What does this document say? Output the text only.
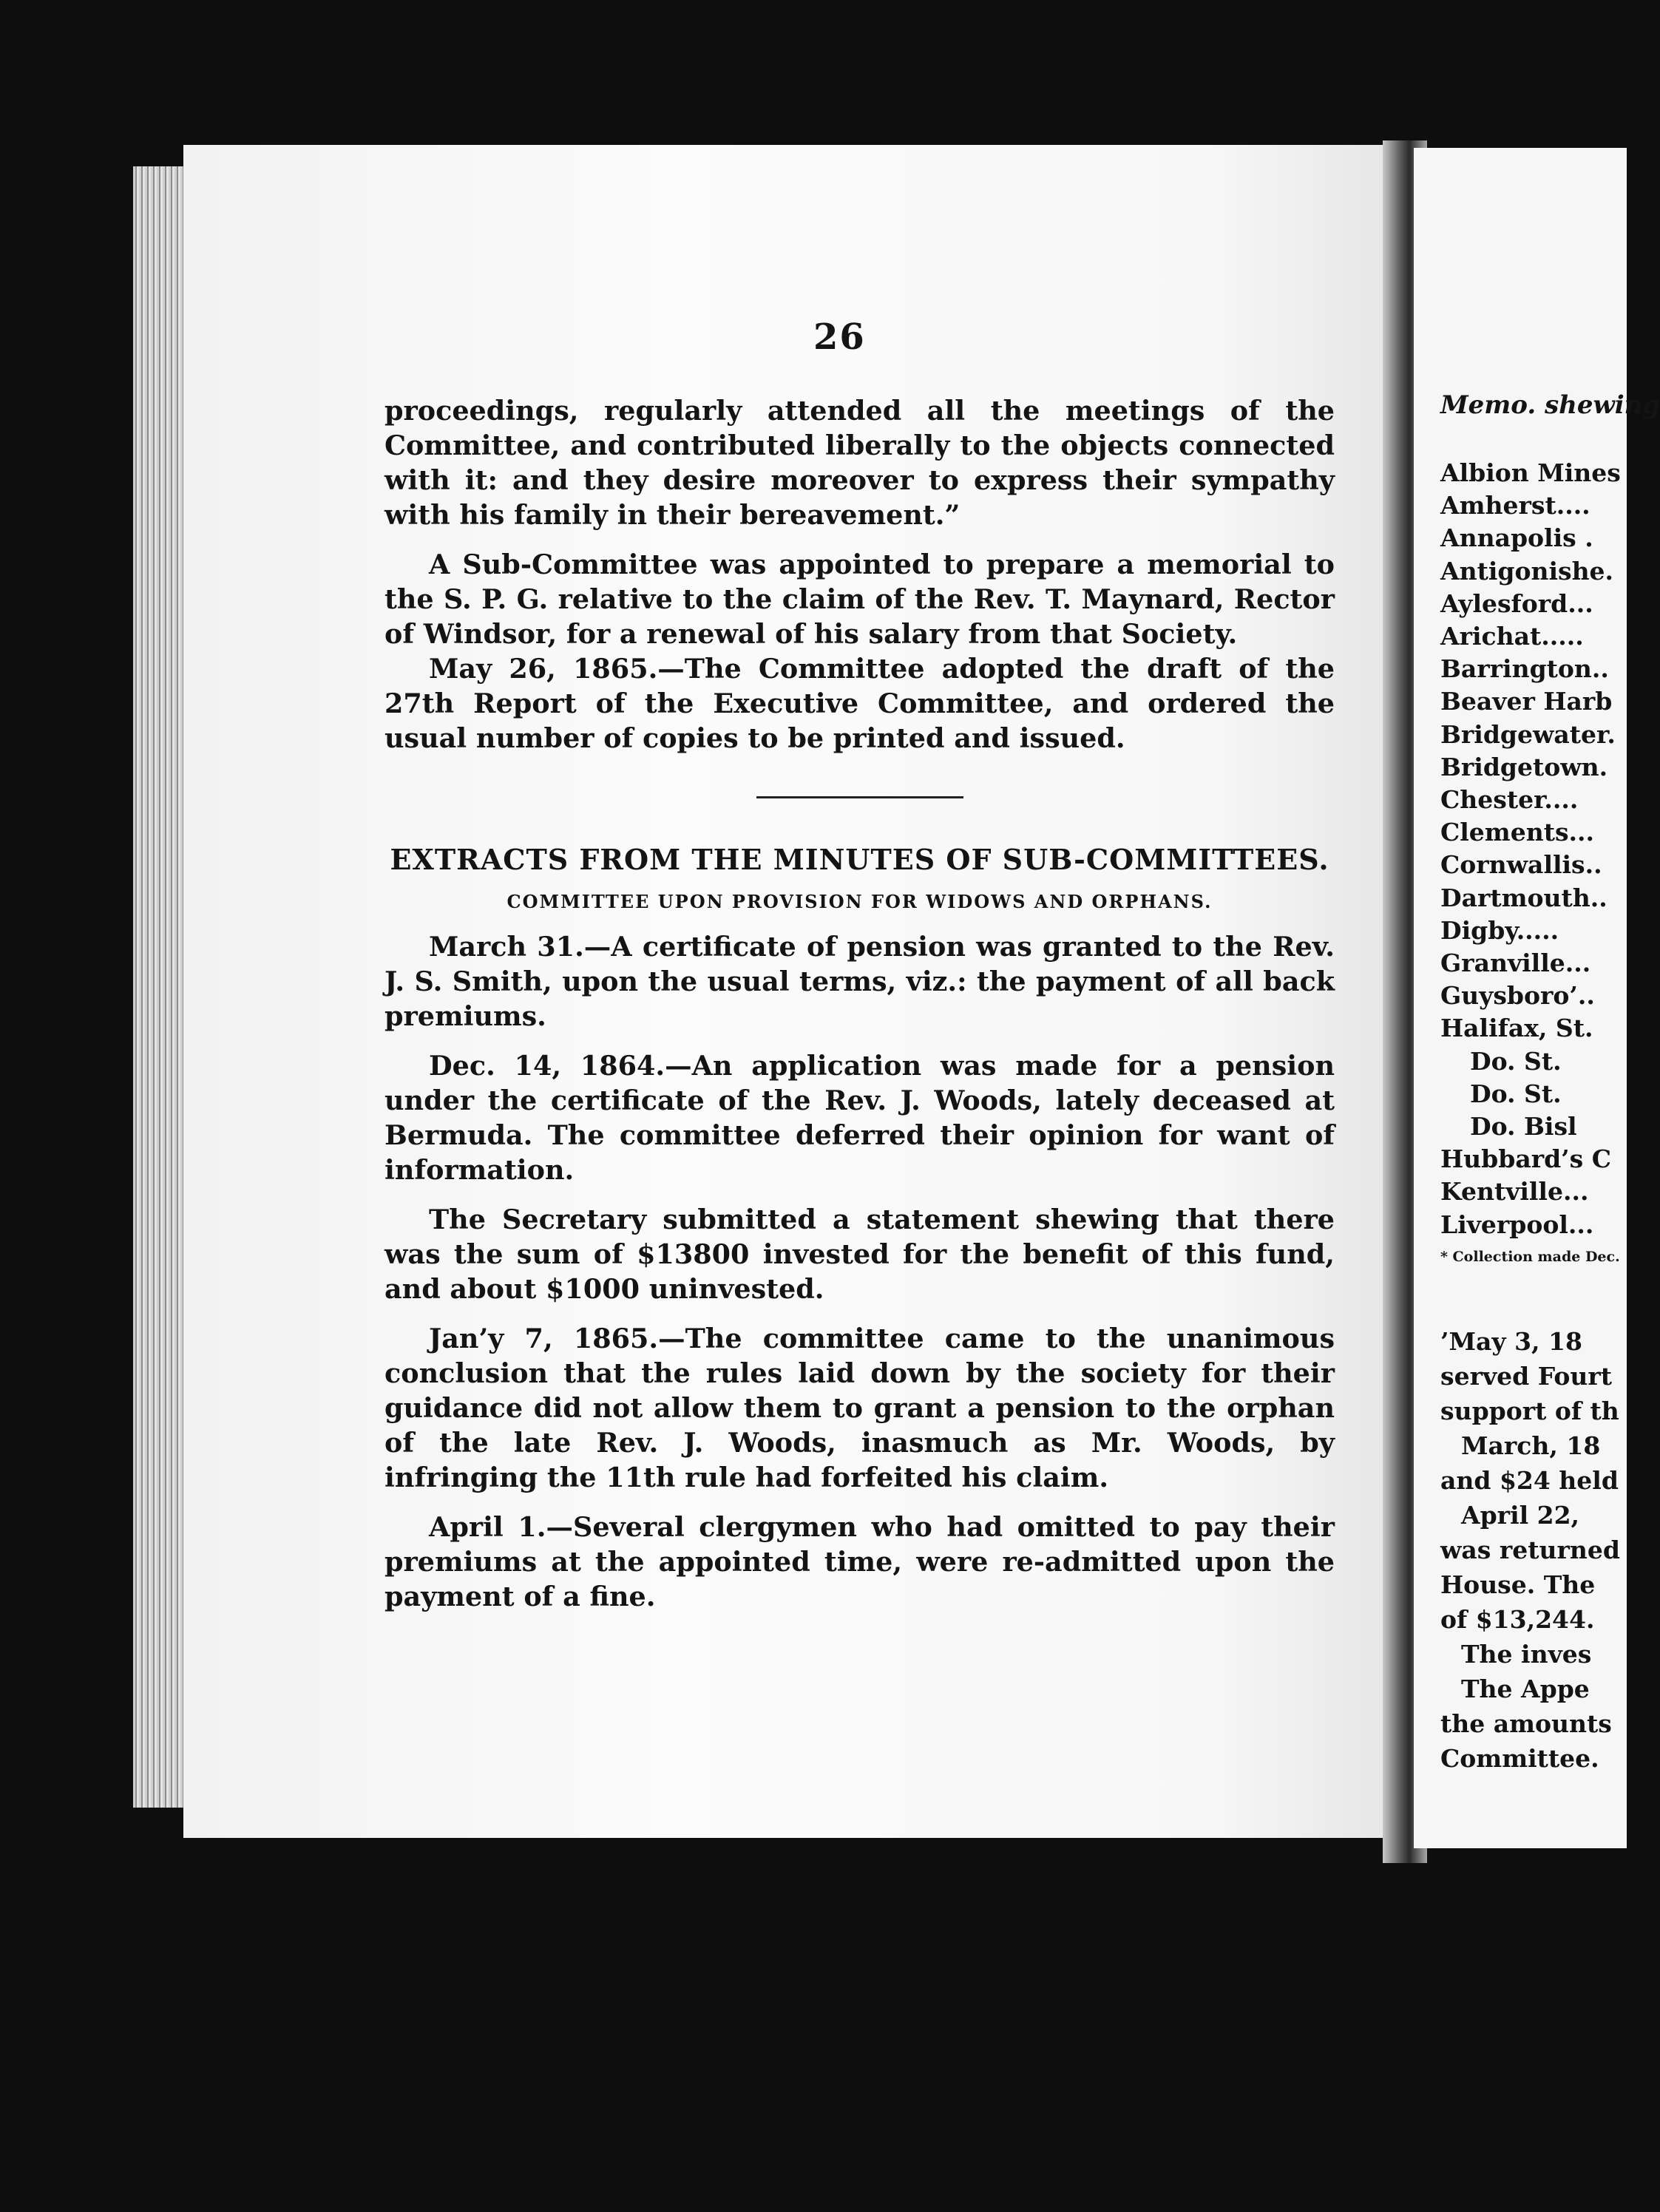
26

proceedings, regularly attended all the meetings of the Committee, and contributed liberally to the objects connected with it: and they desire moreover to express their sympathy with his family in their bereavement.”

A Sub-Committee was appointed to prepare a memorial to the S. P. G. relative to the claim of the Rev. T. Maynard, Rector of Windsor, for a renewal of his salary from that Society.

May 26, 1865.—The Committee adopted the draft of the 27th Report of the Executive Committee, and ordered the usual number of copies to be printed and issued.

EXTRACTS FROM THE MINUTES OF SUB-COMMITTEES.

COMMITTEE UPON PROVISION FOR WIDOWS AND ORPHANS.

March 31.—A certificate of pension was granted to the Rev. J. S. Smith, upon the usual terms, viz.: the payment of all back premiums.

Dec. 14, 1864.—An application was made for a pension under the certificate of the Rev. J. Woods, lately deceased at Bermuda. The committee deferred their opinion for want of information.

The Secretary submitted a statement shewing that there was the sum of $13800 invested for the benefit of this fund, and about $1000 uninvested.

Jan’y 7, 1865.—The committee came to the unanimous conclusion that the rules laid down by the society for their guidance did not allow them to grant a pension to the orphan of the late Rev. J. Woods, inasmuch as Mr. Woods, by infringing the 11th rule had forfeited his claim.

April 1.—Several clergymen who had omitted to pay their premiums at the appointed time, were re-admitted upon the payment of a fine.

Memo. shewing
Albion Mines
Amherst....
Annapolis .
Antigonishe.
Aylesford...
Arichat.....
Barrington..
Beaver Harb
Bridgewater.
Bridgetown.
Chester....
Clements...
Cornwallis..
Dartmouth..
Digby.....
Granville...
Guysboro’..
Halifax, St.
Do. St.
Do. St.
Do. Bisl
Hubbard’s C
Kentville...
Liverpool...
* Collection made Dec.
’May 3, 18
served Fourt
support of th
March, 18
and $24 held
April 22,
was returned
House. The
of $13,244.
The inves
The Appe
the amounts
Committee.
